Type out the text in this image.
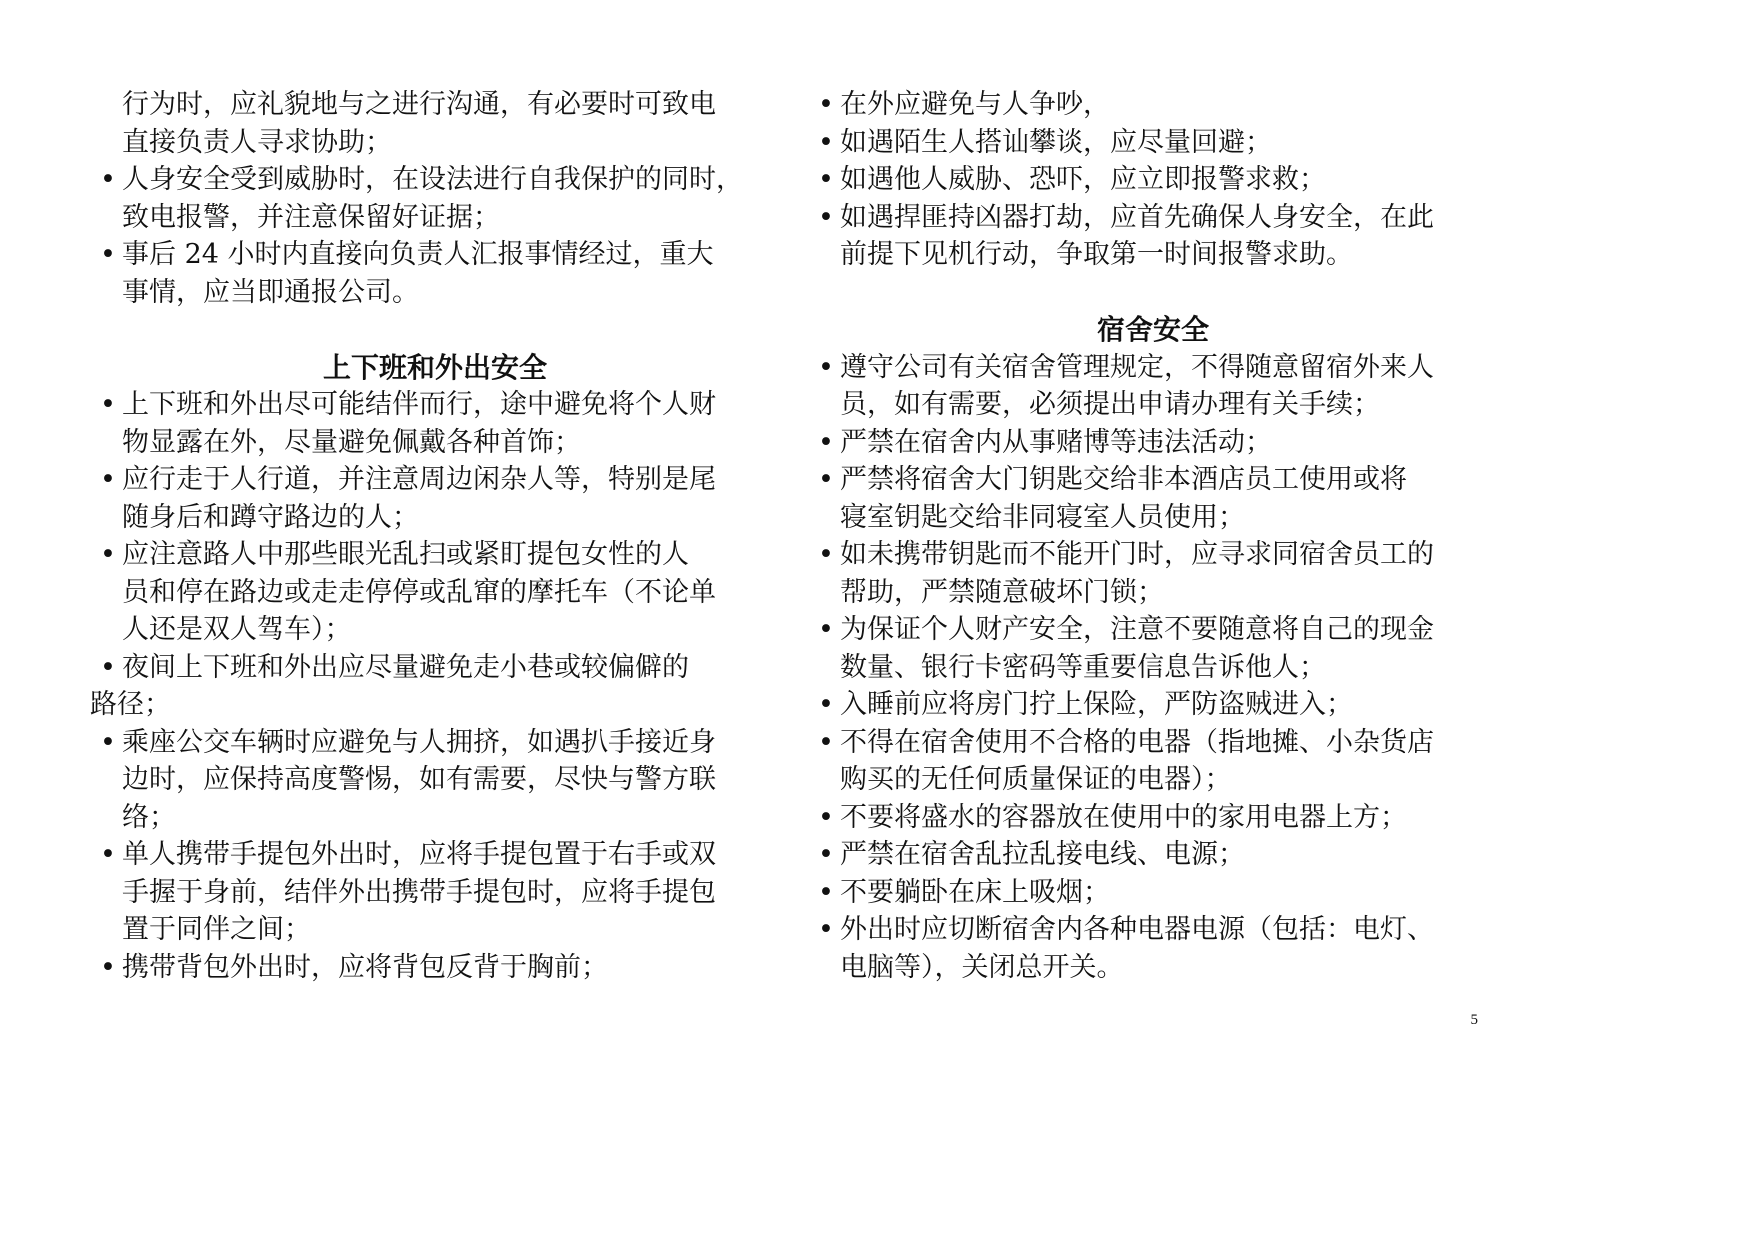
行为时，应礼貌地与之进行沟通，有必要时可致电
直接负责人寻求协助；
• 人身安全受到威胁时，在设法进行自我保护的同时，
致电报警，并注意保留好证据；
• 事后 24 小时内直接向负责人汇报事情经过，重大
事情，应当即通报公司。
上下班和外出安全
• 上下班和外出尽可能结伴而行，途中避免将个人财
物显露在外，尽量避免佩戴各种首饰；
• 应行走于人行道，并注意周边闲杂人等，特别是尾
随身后和蹲守路边的人；
• 应注意路人中那些眼光乱扫或紧盯提包女性的人
员和停在路边或走走停停或乱窜的摩托车（不论单
人还是双人驾车）；
• 夜间上下班和外出应尽量避免走小巷或较偏僻的
路径；
• 乘座公交车辆时应避免与人拥挤，如遇扒手接近身
边时，应保持高度警惕，如有需要，尽快与警方联
络；
• 单人携带手提包外出时，应将手提包置于右手或双
手握于身前，结伴外出携带手提包时，应将手提包
置于同伴之间；
• 携带背包外出时，应将背包反背于胸前；
• 在外应避免与人争吵，
• 如遇陌生人搭讪攀谈，应尽量回避；
• 如遇他人威胁、恐吓，应立即报警求救；
• 如遇捍匪持凶器打劫，应首先确保人身安全，在此
前提下见机行动，争取第一时间报警求助。
宿舍安全
• 遵守公司有关宿舍管理规定，不得随意留宿外来人
员，如有需要，必须提出申请办理有关手续；
• 严禁在宿舍内从事赌博等违法活动；
• 严禁将宿舍大门钥匙交给非本酒店员工使用或将
寝室钥匙交给非同寝室人员使用；
• 如未携带钥匙而不能开门时，应寻求同宿舍员工的
帮助，严禁随意破坏门锁；
• 为保证个人财产安全，注意不要随意将自己的现金
数量、银行卡密码等重要信息告诉他人；
• 入睡前应将房门拧上保险，严防盗贼进入；
• 不得在宿舍使用不合格的电器（指地摊、小杂货店
购买的无任何质量保证的电器）；
• 不要将盛水的容器放在使用中的家用电器上方；
• 严禁在宿舍乱拉乱接电线、电源；
• 不要躺卧在床上吸烟；
• 外出时应切断宿舍内各种电器电源（包括：电灯、
电脑等），关闭总开关。
5
